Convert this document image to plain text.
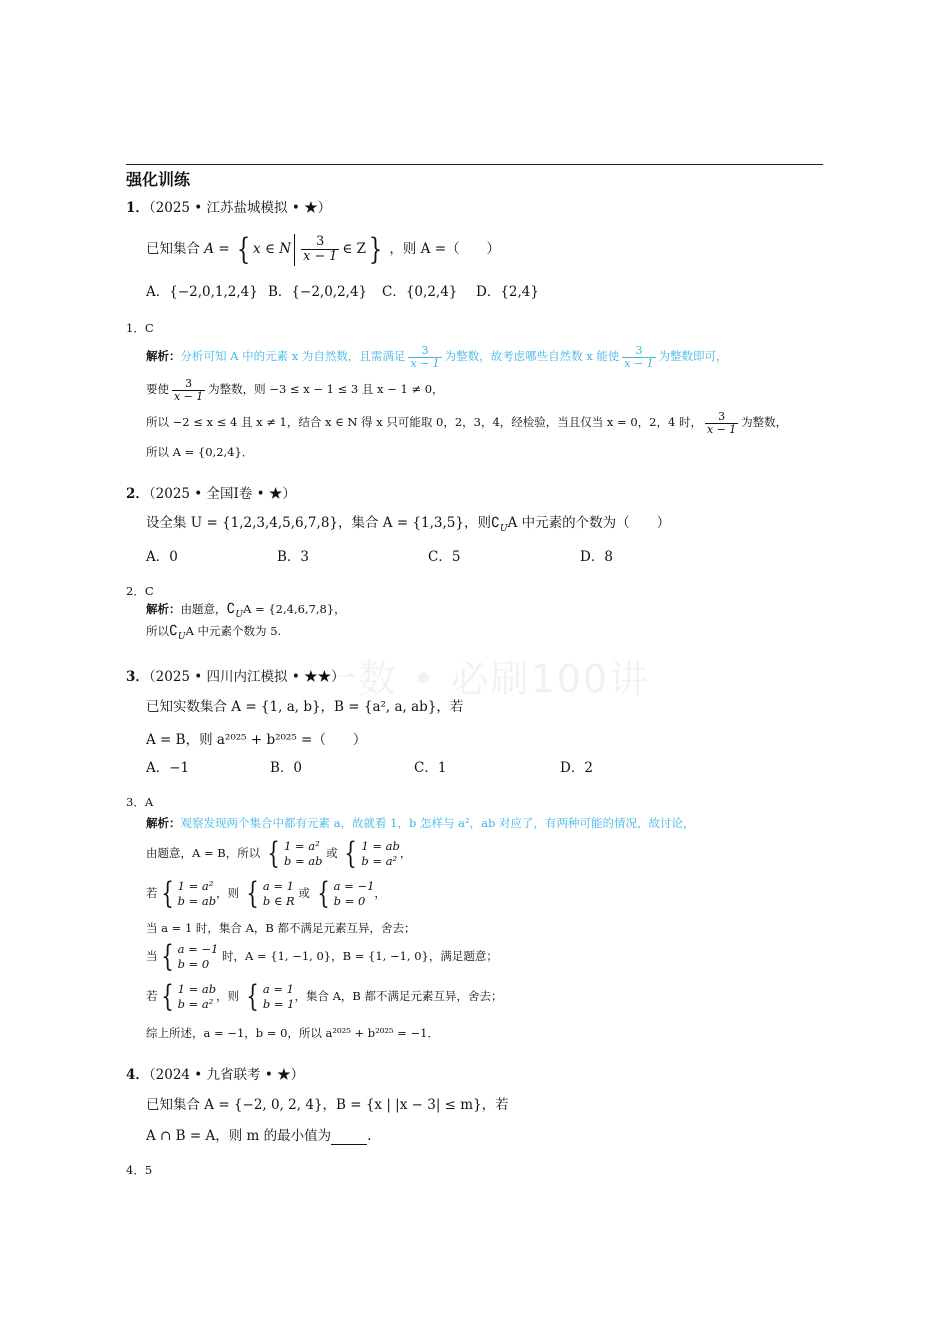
一数 • 必刷100讲
强化训练
1．（2025 • 江苏盐城模拟 • ★）
已知集合 A = { x ∈ N $\frac{3}{x - 1}$ ∈ Z} ，则 A =（　　）
A．{−2,0,1,2,4} B．{−2,0,2,4} C．{0,2,4} D．{2,4}
1．C
解析：分析可知 A 中的元素 x 为自然数，且需满足 $\frac{3}{x - 1}$ 为整数，故考虑哪些自然数 x 能使 $\frac{3}{x - 1}$ 为整数即可，
要使 $\frac{3}{x - 1}$ 为整数，则 −3 ≤ x − 1 ≤ 3 且 x − 1 ≠ 0，
所以 −2 ≤ x ≤ 4 且 x ≠ 1，结合 x ∈ N 得 x 只可能取 0，2，3，4，经检验，当且仅当 x = 0，2，4 时， $\frac{3}{x - 1}$ 为整数，
所以 A = {0,2,4}．
2．（2025 • 全国Ⅰ卷 • ★）
设全集 U = {1,2,3,4,5,6,7,8}，集合 A = {1,3,5}，则$∁_UA$ 中元素的个数为（　　）
A．0	B．3	C．5	D．8
2．C
解析：由题意，$∁_UA = \{2,4,6,7,8\}$，
所以$∁_UA$ 中元素个数为 5.
3．（2025 • 四川内江模拟 • ★★）
已知实数集合 A = {1, a, b}，B = {a², a, ab}，若
A = B，则 a²⁰²⁵ + b²⁰²⁵ =（　　）
A．−1	B．0	C．1	D．2
3．A
解析：观察发现两个集合中都有元素 a，故就看 1，b 怎样与 a²，ab 对应了，有两种可能的情况，故讨论，
由题意，A = B，所以 { 1 = a²
b = ab
或 { 1 = ab
b = a²
，
若 { 1 = a²
b = ab
，则 { a = 1
b ∈ R
或 { a = −1
b = 0
，
当 a = 1 时，集合 A，B 都不满足元素互异，舍去；
当 { a = −1
b = 0
时，A = {1, −1, 0}，B = {1, −1, 0}，满足题意；
若 { 1 = ab
b = a²
，则 { a = 1
b = 1
，集合 A，B 都不满足元素互异，舍去；
综上所述，a = −1，b = 0，所以 a²⁰²⁵ + b²⁰²⁵ = −1．
4．（2024 • 九省联考 • ★）
已知集合 A = {−2, 0, 2, 4}，B = {x | |x − 3| ≤ m}，若
A ∩ B = A，则 m 的最小值为	.
4．5
